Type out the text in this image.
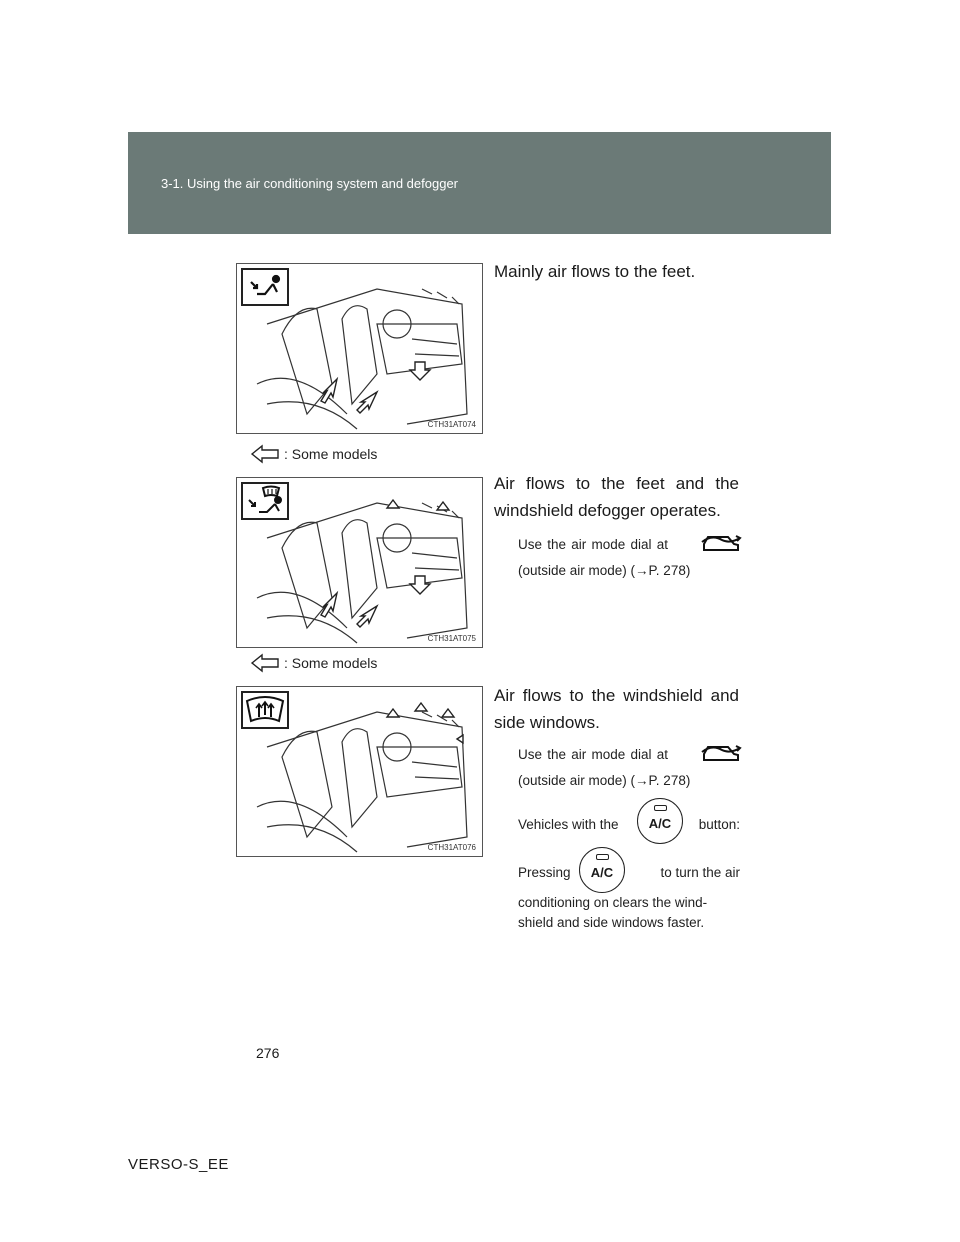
3-1. Using the air conditioning system and defogger
CTH31AT074
: Some models
Mainly air flows to the feet.
CTH31AT075
: Some models
Air flows to the feet and the windshield defogger operates.
Use the air mode dial at
(outside air mode) (→P. 278)
CTH31AT076
Air flows to the windshield and side windows.
Use the air mode dial at
(outside air mode) (→P. 278)
Vehicles with the	button:
A/C
Pressing	to turn the air
A/C
conditioning on clears the wind-
shield and side windows faster.
276
VERSO-S_EE
